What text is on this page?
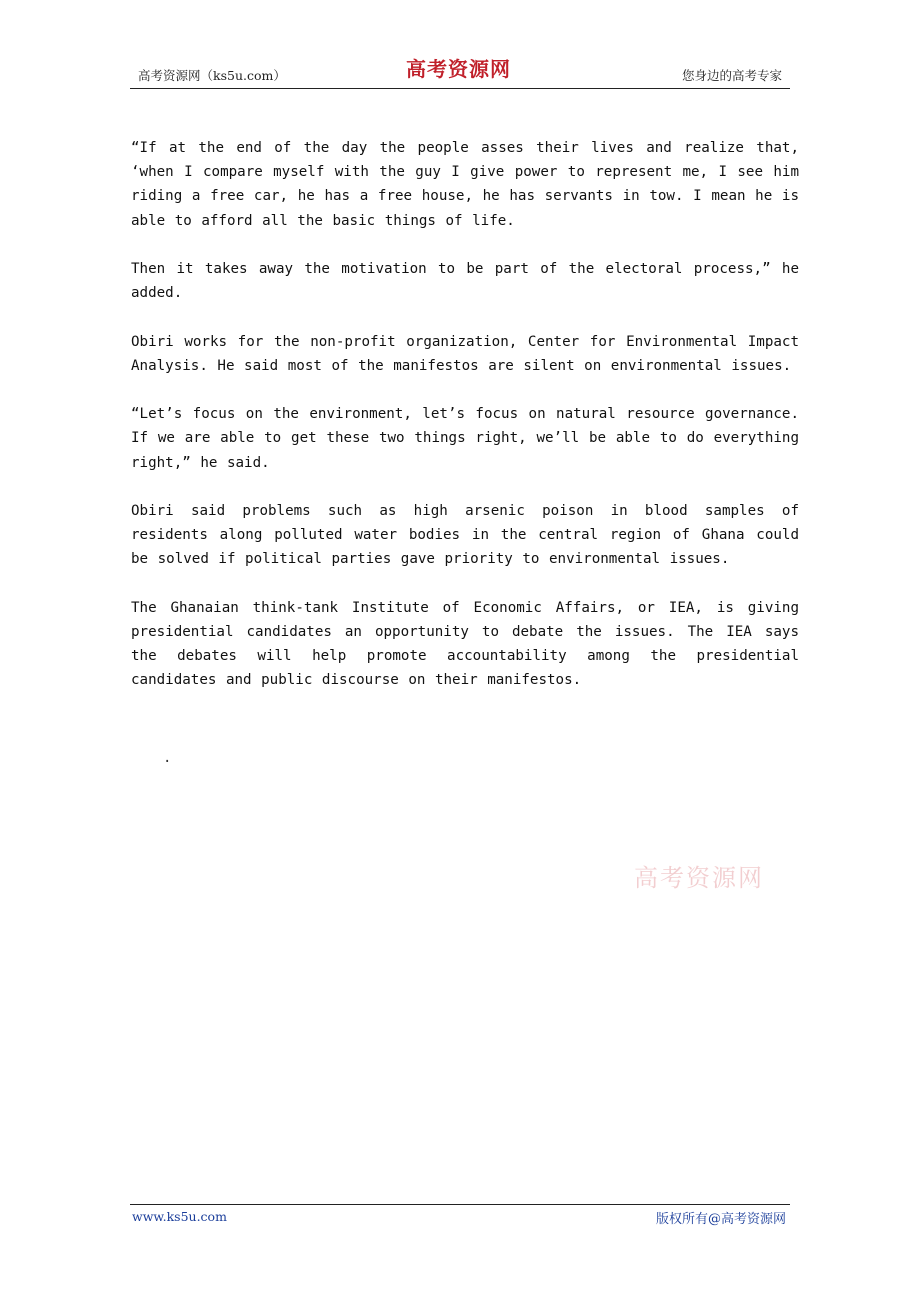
高考资源网（ks5u.com）	高考资源网	您身边的高考专家

“If at the end of the day the people asses their lives and realize that, ‘when I compare myself with the guy I give power to represent me, I see him riding a free car, he has a free house, he has servants in tow. I mean he is able to afford all the basic things of life.

Then it takes away the motivation to be part of the electoral process,” he added.

Obiri works for the non-profit organization, Center for Environmental Impact Analysis. He said most of the manifestos are silent on environmental issues.

“Let’s focus on the environment, let’s focus on natural resource governance. If we are able to get these two things right, we’ll be able to do everything right,” he said.

Obiri said problems such as high arsenic poison in blood samples of residents along polluted water bodies in the central region of Ghana could be solved if political parties gave priority to environmental issues.

The Ghanaian think-tank Institute of Economic Affairs, or IEA, is giving presidential candidates an opportunity to debate the issues. The IEA says the debates will help promote accountability among the presidential candidates and public discourse on their manifestos.

.
高考资源网
www.ks5u.com	版权所有@高考资源网
